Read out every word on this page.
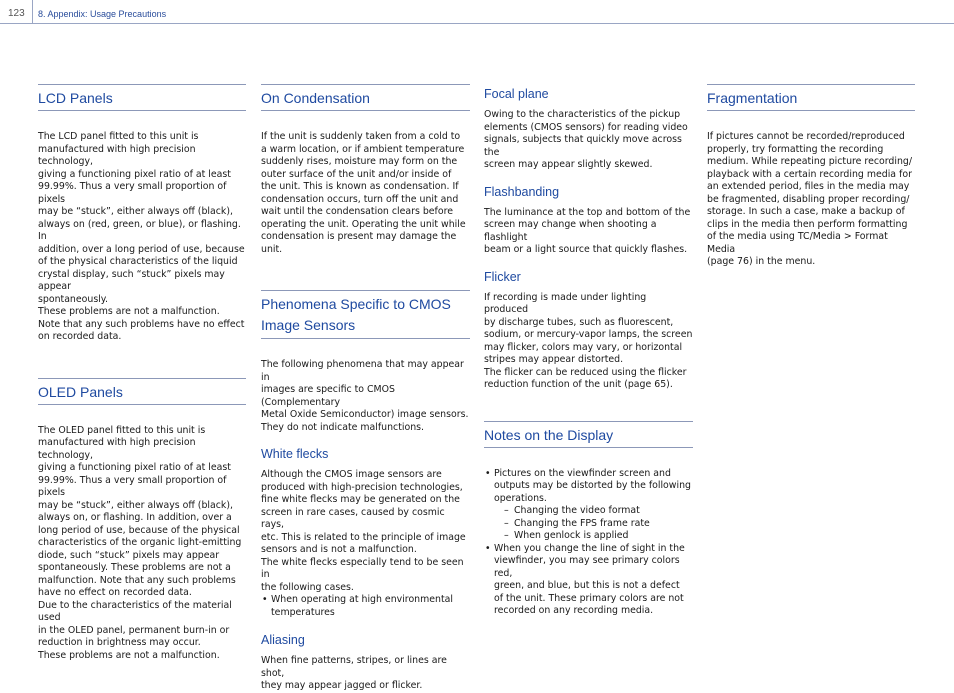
123 8. Appendix: Usage Precautions
LCD Panels
The LCD panel fitted to this unit is
manufactured with high precision technology,
giving a functioning pixel ratio of at least
99.99%. Thus a very small proportion of pixels
may be “stuck”, either always off (black),
always on (red, green, or blue), or flashing. In
addition, over a long period of use, because
of the physical characteristics of the liquid
crystal display, such “stuck” pixels may appear
spontaneously.
These problems are not a malfunction.
Note that any such problems have no effect
on recorded data.
OLED Panels
The OLED panel fitted to this unit is
manufactured with high precision technology,
giving a functioning pixel ratio of at least
99.99%. Thus a very small proportion of pixels
may be “stuck”, either always off (black),
always on, or flashing. In addition, over a
long period of use, because of the physical
characteristics of the organic light-emitting
diode, such “stuck” pixels may appear
spontaneously. These problems are not a
malfunction. Note that any such problems
have no effect on recorded data.
Due to the characteristics of the material used
in the OLED panel, permanent burn-in or
reduction in brightness may occur.
These problems are not a malfunction.
On Condensation
If the unit is suddenly taken from a cold to
a warm location, or if ambient temperature
suddenly rises, moisture may form on the
outer surface of the unit and/or inside of
the unit. This is known as condensation. If
condensation occurs, turn off the unit and
wait until the condensation clears before
operating the unit. Operating the unit while
condensation is present may damage the unit.
Phenomena Specific to CMOS
Image Sensors
The following phenomena that may appear in
images are specific to CMOS (Complementary
Metal Oxide Semiconductor) image sensors.
They do not indicate malfunctions.
White flecks
Although the CMOS image sensors are
produced with high-precision technologies,
fine white flecks may be generated on the
screen in rare cases, caused by cosmic rays,
etc. This is related to the principle of image
sensors and is not a malfunction.
The white flecks especially tend to be seen in
the following cases.
• When operating at high environmental
temperatures
Aliasing
When fine patterns, stripes, or lines are shot,
they may appear jagged or flicker.
Focal plane
Owing to the characteristics of the pickup
elements (CMOS sensors) for reading video
signals, subjects that quickly move across the
screen may appear slightly skewed.
Flashbanding
The luminance at the top and bottom of the
screen may change when shooting a flashlight
beam or a light source that quickly flashes.
Flicker
If recording is made under lighting produced
by discharge tubes, such as fluorescent,
sodium, or mercury-vapor lamps, the screen
may flicker, colors may vary, or horizontal
stripes may appear distorted.
The flicker can be reduced using the flicker
reduction function of the unit (page 65).
Notes on the Display
• Pictures on the viewfinder screen and
outputs may be distorted by the following
operations.
– Changing the video format
– Changing the FPS frame rate
– When genlock is applied
• When you change the line of sight in the
viewfinder, you may see primary colors red,
green, and blue, but this is not a defect
of the unit. These primary colors are not
recorded on any recording media.
Fragmentation
If pictures cannot be recorded/reproduced
properly, try formatting the recording
medium. While repeating picture recording/
playback with a certain recording media for
an extended period, files in the media may
be fragmented, disabling proper recording/
storage. In such a case, make a backup of
clips in the media then perform formatting
of the media using TC/Media > Format Media
(page 76) in the menu.
